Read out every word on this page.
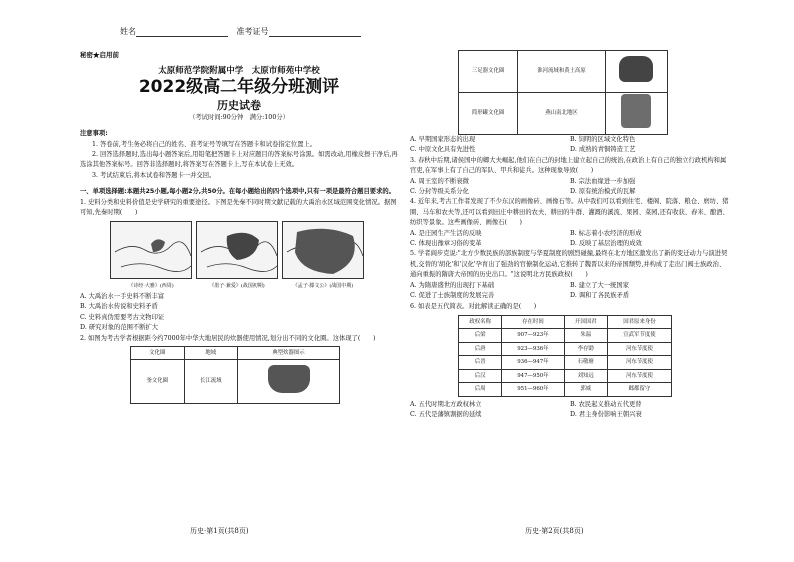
姓名	准考证号
秘密★启用前
太原师范学院附属中学　太原市师苑中学校
2022级高二年级分班测评
历史试卷
（考试时间:90分钟　满分:100分）
注意事项:
1. 答卷前,考生务必将自己的姓名、准考证号等填写在答题卡和试卷指定位置上。
2. 回答选择题时,选出每小题答案后,用铅笔把答题卡上对应题目的答案标号涂黑。如需改动,用橡皮擦干净后,再选涂其他答案标号。回答非选择题时,将答案写在答题卡上,写在本试卷上无效。
3. 考试结束后,将本试卷和答题卡一并交回。
一、单项选择题:本题共25小题,每小题2分,共50分。在每小题给出的四个选项中,只有一项是最符合题目要求的。
1. 史料分类和史料价值是史学研究的重要途径。下图是先秦不同时期文献记载的大禹治水区域范围变化情况。据图可知,先秦时期(　　)
《诗经·大雅》(西周)	《墨子·兼爱》(战国初期)	《孟子·滕文公》(战国中期)
A. 大禹治水一手史料不断丰富
B. 大禹治水传说和史料矛盾
C. 史料真伪需要考古文物印证
D. 研究对象的范围不断扩大
2. 如图为考古学者根据距今约7000年中华大地居民的炊器使用情况,划分出不同的文化圈。这体现了(　　)
文化圈	地域	典型炊器图示
釜文化圈	长江流域	
三足器文化圈	淮河流域和黄土高原	
简形罐文化圈	燕山南北地区	
A. 早期国家形态的出现	B. 饲明的区域文化特色
C. 中原文化具有先进性	D. 成熟的青铜铸造工艺
3. 春秋中后期,诸侯国中的卿大夫崛起,他们在自己的封地上建立起自己的统治,在政治上有自己的独立行政机构和属官吏,在军事上有了自己的军队、甲兵和徒兵。这种现象导致(　　)
A. 周王室的不断衰微	B. 宗法血缘进一步加强
C. 分封等级关系分化	D. 原有统治模式的瓦解
4. 近年来,考古工作者发现了不少东汉的画像砖、画像石等。从中我们可以看到住宅、楼阁、院落、粮仓、磨坊、猪圈、马车和农夫等,还可以看到田庄中耕田的农夫、耕田的牛群、灌溉的溪流、果园、菜园,还有收获、舂米、酿酒、纺织等景象。这些画像砖、画像石(　　)
A. 是庄园生产生活的反映	B. 标志着小农经济的形成
C. 体现出豫章习俗的变革	D. 反映了基层治理的成效
5. 学者阎步克说:"北方少数民族的部族制度与华夏制度的剧烈碰撞,最终在北方地区激发出了新的变迁动力与演进契机,交替的'胡化'和'汉化'孕育出了强劲的官僚制化运动,它推转了魏晋以来的帝国颓势,并构成了走出门阀士族政治、通向重振的隋唐大帝国的历史出口。"这说明北方民族政权(　　)
A. 为隋唐盛世的出现打下基础	B. 建立了大一统国家
C. 促进了士族制度的发展完善	D. 调和了各民族矛盾
6. 如表是五代简表。对此解读正确的是(　　)
政权名称	存在时间	开国国君	国君原来身份
后梁	907—923年	朱温	宣武军节度使
后唐	923—936年	李存勖	河东节度使
后晋	936—947年	石敬瑭	河东节度使
后汉	947—950年	刘知远	河东节度使
后周	951—960年	郭威	邺都留守
A. 五代时期北方政权林立	B. 农民起义推动五代更替
C. 五代是藩镇割据的延续	D. 君主身份影响王朝兴衰
历史·第1页(共8页)	历史·第2页(共8页)
